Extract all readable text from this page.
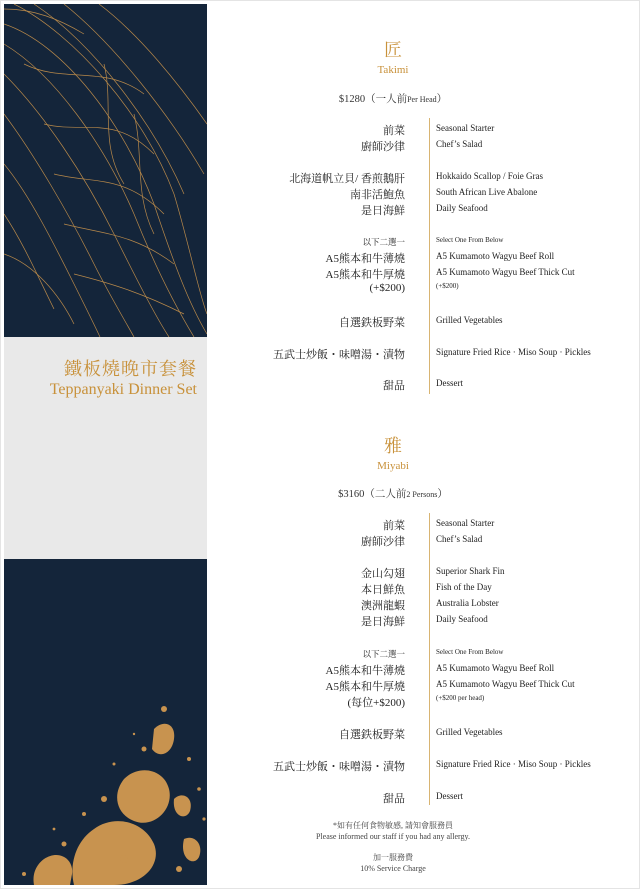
鐵板燒晚市套餐
Teppanyaki Dinner Set
匠
Takimi
$1280（一人前Per Head）
前菜	Seasonal Starter
廚師沙律	Chef’s Salad
北海道帆立貝/ 香煎鵝肝	Hokkaido Scallop / Foie Gras
南非活鮑魚	South African Live Abalone
是日海鮮	Daily Seafood
以下二選一	Select One From Below
A5熊本和牛薄燒	A5 Kumamoto Wagyu Beef Roll
A5熊本和牛厚燒	A5 Kumamoto Wagyu Beef Thick Cut
(+$200)	(+$200)
自選鉄板野菜	Grilled Vegetables
五武士炒飯・味噌湯・漬物	Signature Fried Rice · Miso Soup · Pickles
甜品	Dessert
雅
Miyabi
$3160（二人前2 Persons）
前菜	Seasonal Starter
廚師沙律	Chef’s Salad
金山勾翅	Superior Shark Fin
本日鮮魚	Fish of the Day
澳洲龍蝦	Australia Lobster
是日海鮮	Daily Seafood
以下二選一	Select One From Below
A5熊本和牛薄燒	A5 Kumamoto Wagyu Beef Roll
A5熊本和牛厚燒	A5 Kumamoto Wagyu Beef Thick Cut
(每位+$200)	(+$200 per head)
自選鉄板野菜	Grilled Vegetables
五武士炒飯・味噌湯・漬物	Signature Fried Rice · Miso Soup · Pickles
甜品	Dessert
*如有任何食物敏感, 請知會服務員
Please informed our staff if you had any allergy.
加一服務費
10% Service Charge
